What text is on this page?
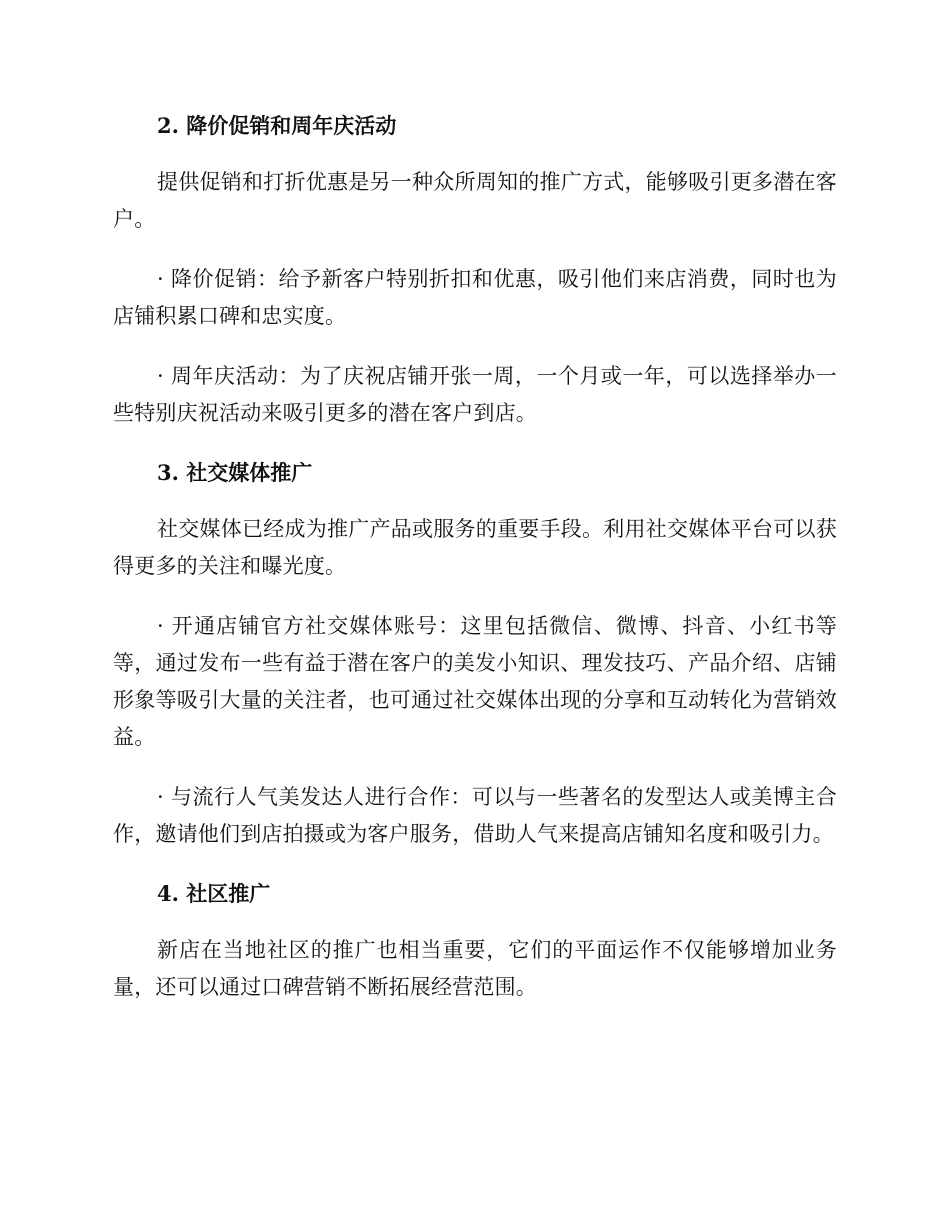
2. 降价促销和周年庆活动

提供促销和打折优惠是另一种众所周知的推广方式，能够吸引更多潜在客户。

· 降价促销：给予新客户特别折扣和优惠，吸引他们来店消费，同时也为店铺积累口碑和忠实度。

· 周年庆活动：为了庆祝店铺开张一周，一个月或一年，可以选择举办一些特别庆祝活动来吸引更多的潜在客户到店。

3. 社交媒体推广

社交媒体已经成为推广产品或服务的重要手段。利用社交媒体平台可以获得更多的关注和曝光度。

· 开通店铺官方社交媒体账号：这里包括微信、微博、抖音、小红书等等，通过发布一些有益于潜在客户的美发小知识、理发技巧、产品介绍、店铺形象等吸引大量的关注者，也可通过社交媒体出现的分享和互动转化为营销效益。

· 与流行人气美发达人进行合作：可以与一些著名的发型达人或美博主合作，邀请他们到店拍摄或为客户服务，借助人气来提高店铺知名度和吸引力。

4. 社区推广

新店在当地社区的推广也相当重要，它们的平面运作不仅能够增加业务量，还可以通过口碑营销不断拓展经营范围。
